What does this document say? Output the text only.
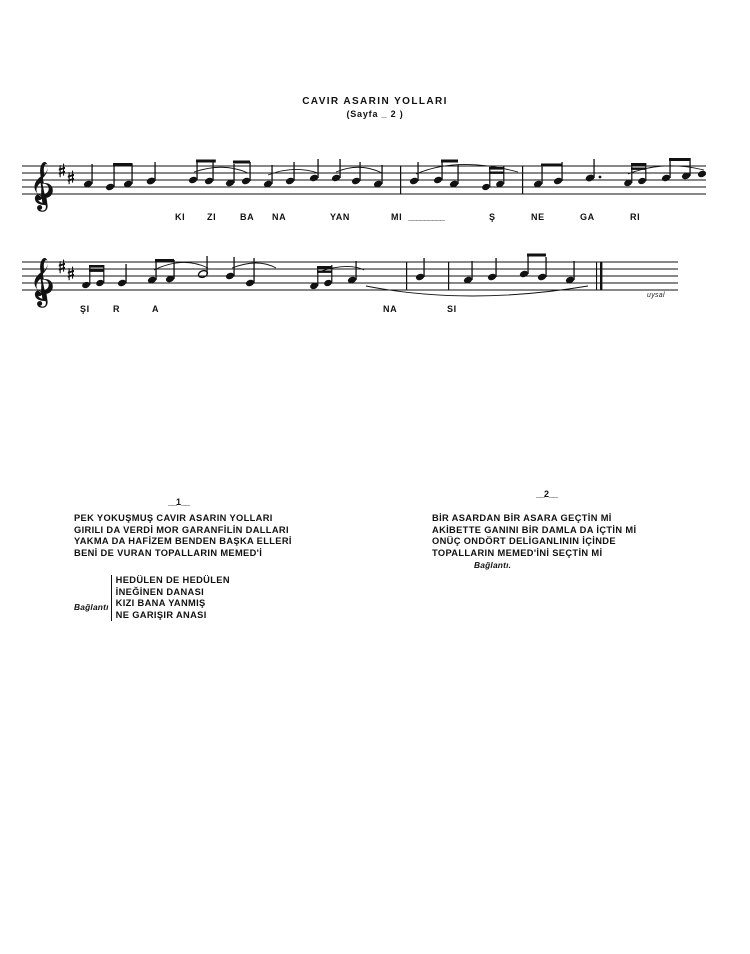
CAVIR ASARIN YOLLARI
(Sayfa _ 2 )
KI ZI	BA NA	YAN	MI	Ş	NE	GA	RI
_________
ŞI	R	A	NA	SI
uysal
__1__
PEK YOKUŞMUŞ CAVIR ASARIN YOLLARI
GIRILI DA VERDİ MOR GARANFİLİN DALLARI
YAKMA DA HAFİZEM BENDEN BAŞKA ELLERİ
BENİ DE VURAN TOPALLARIN MEMED'İ
Bağlantı
HEDÜLEN DE HEDÜLEN
İNEĞİNEN DANASI
KIZI BANA YANMIŞ
NE GARIŞIR ANASI
__2__
BİR ASARDAN BİR ASARA GEÇTİN Mİ
AKİBETTE GANINI BİR DAMLA DA İÇTİN Mİ
ONÜÇ ONDÖRT DELİGANLININ İÇİNDE
TOPALLARIN MEMED'İNİ SEÇTİN Mİ
Bağlantı.
